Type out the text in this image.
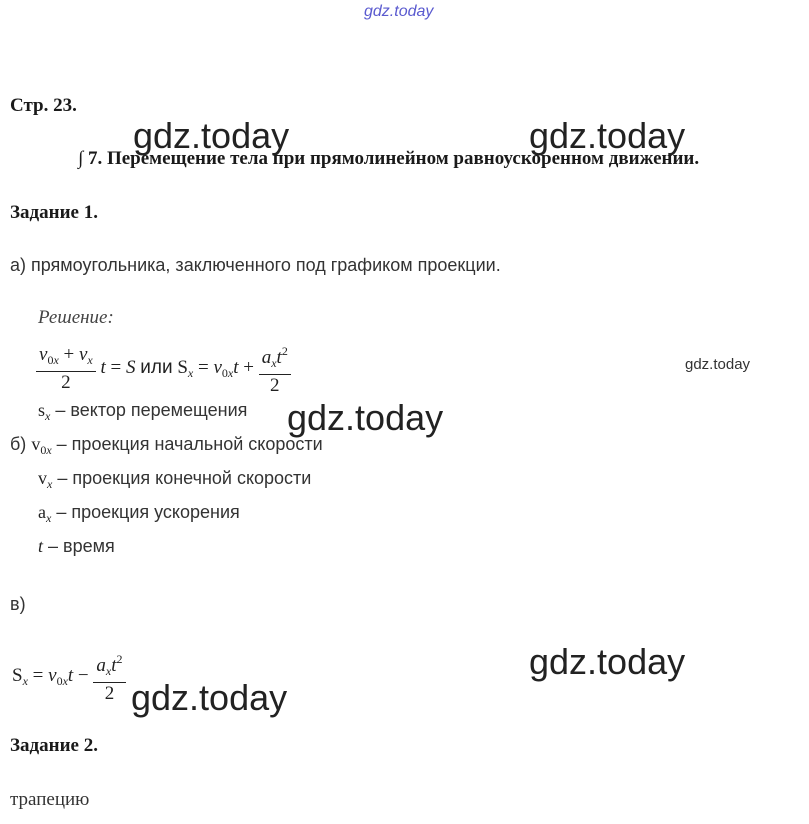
gdz.today
gdz.today	gdz.today
gdz.today
gdz.today
gdz.today
gdz.today
Стр. 23.
∫ 7. Перемещение тела при прямолинейном равноускоренном движении.
Задание 1.
а) прямоугольника, заключенного под графиком проекции.
Решение:
$\frac{v_{0x} + v_x}{2}$ t = S или $S_x = v_{0x}t + \frac{a_xt^2}{2}$
$s_x$ – вектор перемещения
б) $v_{0x}$ – проекция начальной скорости
$v_x$ – проекция конечной скорости
$a_x$ – проекция ускорения
t – время
в)
$S_x = v_{0x}t - \frac{a_xt^2}{2}$
Задание 2.
трапецию
